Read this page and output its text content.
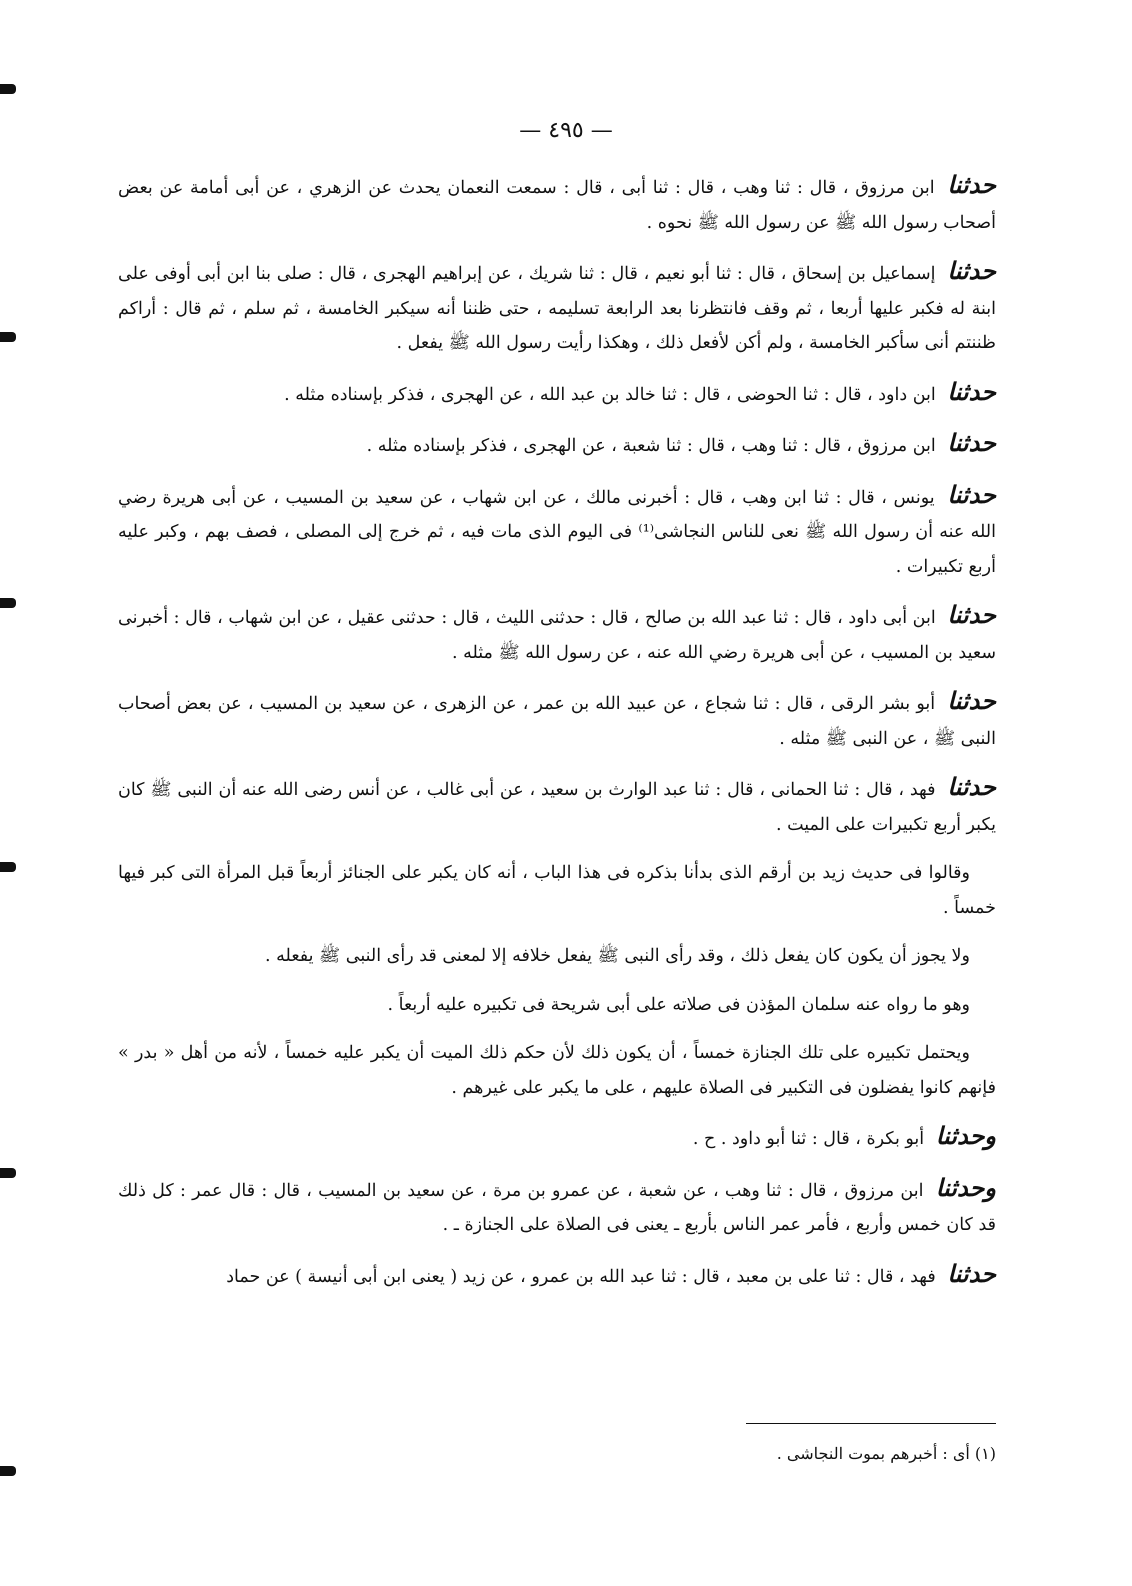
— ٤٩٥ —

حدثنا ابن مرزوق ، قال : ثنا وهب ، قال : ثنا أبى ، قال : سمعت النعمان يحدث عن الزهري ، عن أبى أمامة عن بعض أصحاب رسول الله ﷺ عن رسول الله ﷺ نحوه .

حدثنا إسماعيل بن إسحاق ، قال : ثنا أبو نعيم ، قال : ثنا شريك ، عن إبراهيم الهجرى ، قال : صلى بنا ابن أبى أوفى على ابنة له فكبر عليها أربعا ، ثم وقف فانتظرنا بعد الرابعة تسليمه ، حتى ظننا أنه سيكبر الخامسة ، ثم سلم ، ثم قال : أراكم ظننتم أنى سأكبر الخامسة ، ولم أكن لأفعل ذلك ، وهكذا رأيت رسول الله ﷺ يفعل .

حدثنا ابن داود ، قال : ثنا الحوضى ، قال : ثنا خالد بن عبد الله ، عن الهجرى ، فذكر بإسناده مثله .

حدثنا ابن مرزوق ، قال : ثنا وهب ، قال : ثنا شعبة ، عن الهجرى ، فذكر بإسناده مثله .

حدثنا يونس ، قال : ثنا ابن وهب ، قال : أخبرنى مالك ، عن ابن شهاب ، عن سعيد بن المسيب ، عن أبى هريرة رضي الله عنه أن رسول الله ﷺ نعى للناس النجاشى⁽¹⁾ فى اليوم الذى مات فيه ، ثم خرج إلى المصلى ، فصف بهم ، وكبر عليه أربع تكبيرات .

حدثنا ابن أبى داود ، قال : ثنا عبد الله بن صالح ، قال : حدثنى الليث ، قال : حدثنى عقيل ، عن ابن شهاب ، قال : أخبرنى سعيد بن المسيب ، عن أبى هريرة رضي الله عنه ، عن رسول الله ﷺ مثله .

حدثنا أبو بشر الرقى ، قال : ثنا شجاع ، عن عبيد الله بن عمر ، عن الزهرى ، عن سعيد بن المسيب ، عن بعض أصحاب النبى ﷺ ، عن النبى ﷺ مثله .

حدثنا فهد ، قال : ثنا الحمانى ، قال : ثنا عبد الوارث بن سعيد ، عن أبى غالب ، عن أنس رضى الله عنه أن النبى ﷺ كان يكبر أربع تكبيرات على الميت .

وقالوا فى حديث زيد بن أرقم الذى بدأنا بذكره فى هذا الباب ، أنه كان يكبر على الجنائز أربعاً قبل المرأة التى كبر فيها خمساً .

ولا يجوز أن يكون كان يفعل ذلك ، وقد رأى النبى ﷺ يفعل خلافه إلا لمعنى قد رأى النبى ﷺ يفعله .

وهو ما رواه عنه سلمان المؤذن فى صلاته على أبى شريحة فى تكبيره عليه أربعاً .

ويحتمل تكبيره على تلك الجنازة خمساً ، أن يكون ذلك لأن حكم ذلك الميت أن يكبر عليه خمساً ، لأنه من أهل « بدر » فإنهم كانوا يفضلون فى التكبير فى الصلاة عليهم ، على ما يكبر على غيرهم .

وحدثنا أبو بكرة ، قال : ثنا أبو داود . ح .

وحدثنا ابن مرزوق ، قال : ثنا وهب ، عن شعبة ، عن عمرو بن مرة ، عن سعيد بن المسيب ، قال : قال عمر : كل ذلك قد كان خمس وأربع ، فأمر عمر الناس بأربع ـ يعنى فى الصلاة على الجنازة ـ .

حدثنا فهد ، قال : ثنا على بن معبد ، قال : ثنا عبد الله بن عمرو ، عن زيد ( يعنى ابن أبى أنيسة ) عن حماد

(١) أى : أخبرهم بموت النجاشى .
